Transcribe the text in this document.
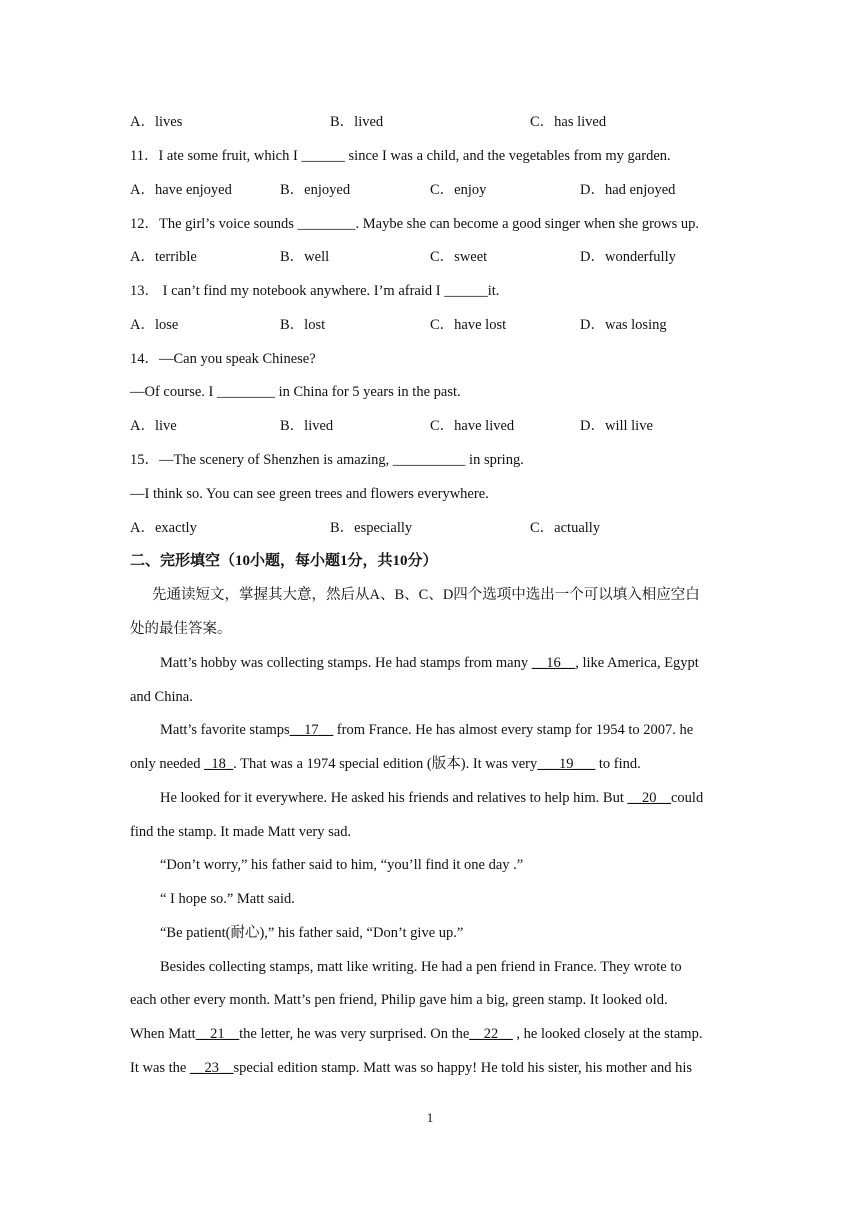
A．lives	B．lived	C．has lived
11．I ate some fruit, which I ______ since I was a child, and the vegetables from my garden.
A．have enjoyed	B．enjoyed	C．enjoy	D．had enjoyed
12．The girl’s voice sounds ________. Maybe she can become a good singer when she grows up.
A．terrible	B．well	C．sweet	D．wonderfully
13． I can’t find my notebook anywhere. I’m afraid I ______it.
A．lose	B．lost	C．have lost	D．was losing
14．—Can you speak Chinese?
—Of course. I ________ in China for 5 years in the past.
A．live	B．lived	C．have lived	D．will live
15．—The scenery of Shenzhen is amazing, __________ in spring.
—I think so. You can see green trees and flowers everywhere.
A．exactly	B．especially	C．actually
二、完形填空（10小题，每小题1分，共10分）
先通读短文，掌握其大意，然后从A、B、C、D四个选项中选出一个可以填入相应空白
处的最佳答案。
Matt’s hobby was collecting stamps. He had stamps from many __16__, like America, Egypt
and China.
Matt’s favorite stamps__17__ from France. He has almost every stamp for 1954 to 2007. he
only needed _18_. That was a 1974 special edition (版本). It was very___19___ to find.
He looked for it everywhere. He asked his friends and relatives to help him. But __20__could
find the stamp. It made Matt very sad.
“Don’t worry,” his father said to him, “you’ll find it one day .”
“ I hope so.” Matt said.
“Be patient(耐心),” his father said, “Don’t give up.”
Besides collecting stamps, matt like writing. He had a pen friend in France. They wrote to
each other every month. Matt’s pen friend, Philip gave him a big, green stamp. It looked old.
When Matt__21__the letter, he was very surprised. On the__22__ , he looked closely at the stamp.
It was the __23__special edition stamp. Matt was so happy! He told his sister, his mother and his
1
